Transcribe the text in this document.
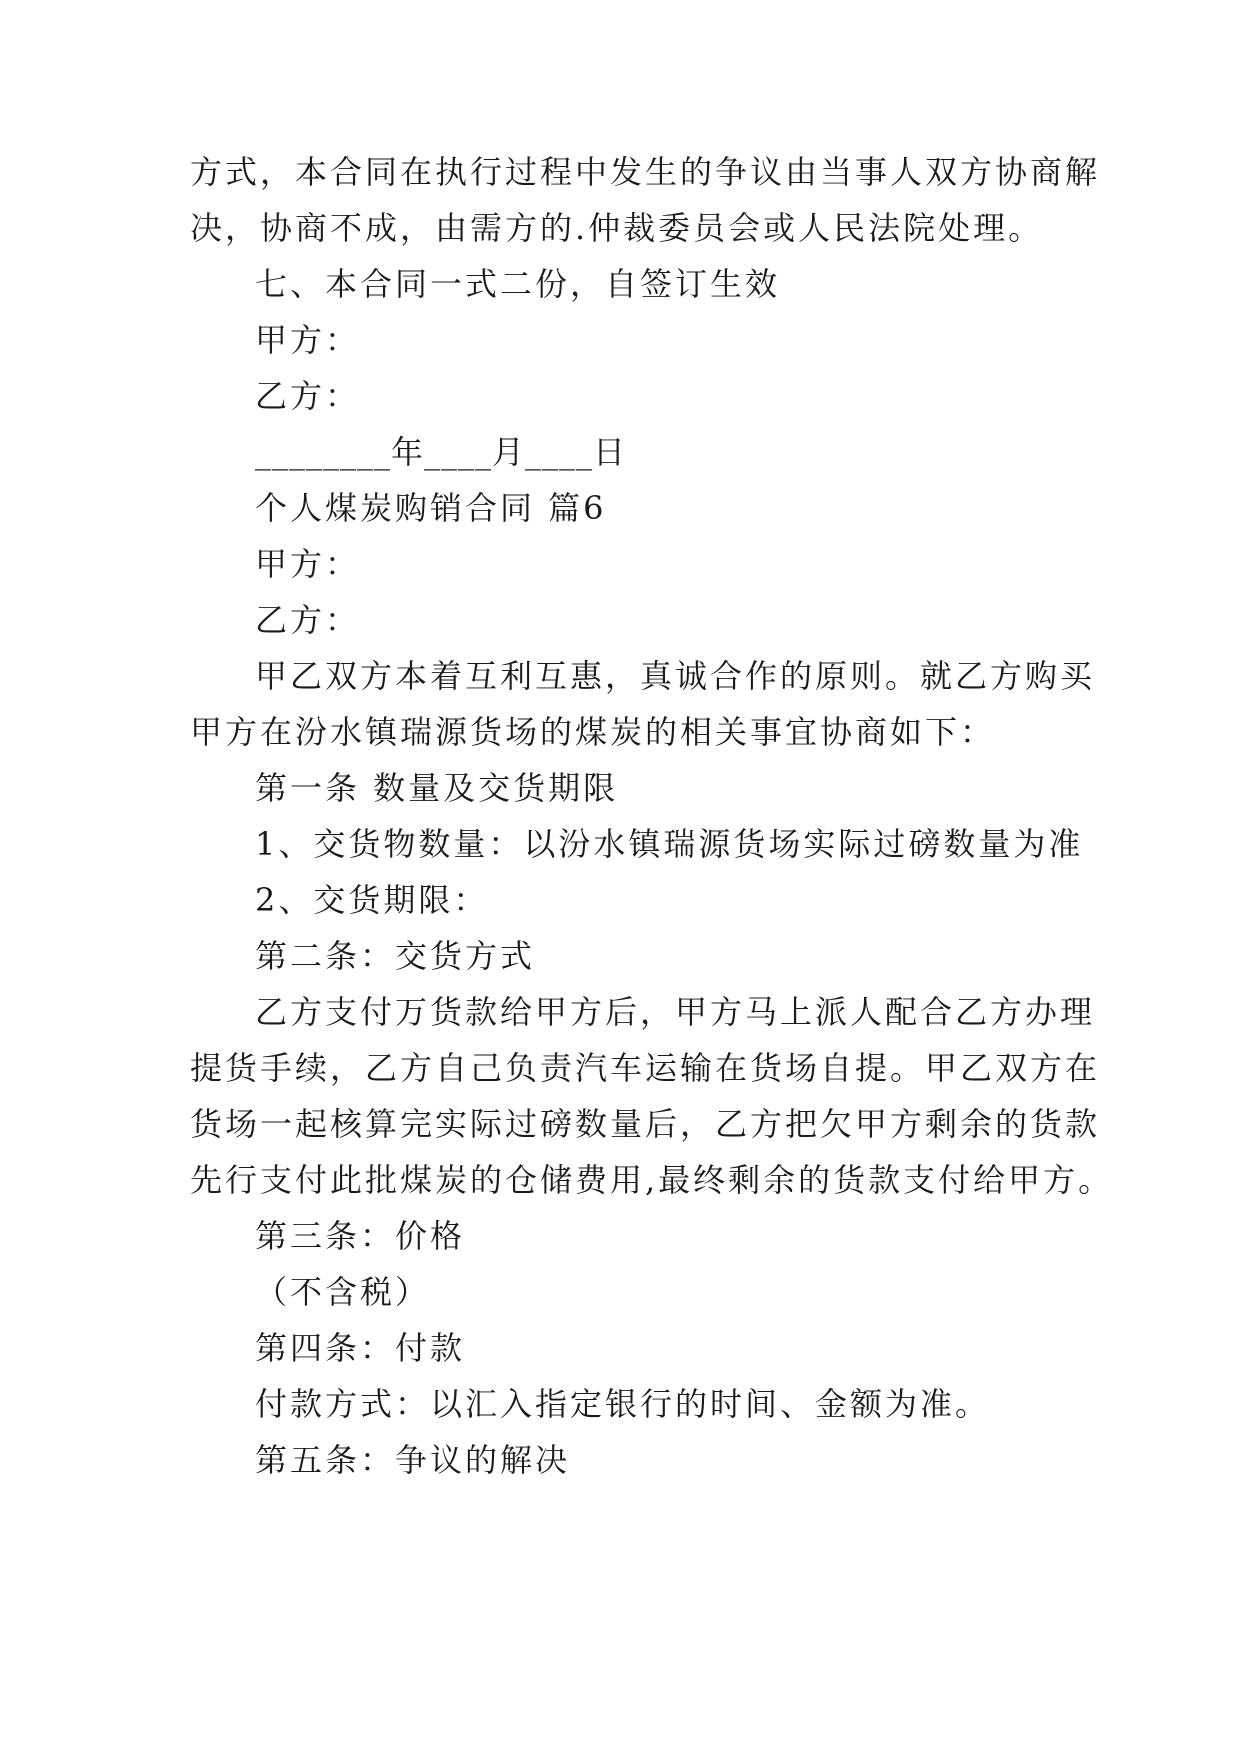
方式，本合同在执行过程中发生的争议由当事人双方协商解

决，协商不成，由需方的.仲裁委员会或人民法院处理。

七、本合同一式二份，自签订生效

甲方：

乙方：

________年____月____日

个人煤炭购销合同 篇6

甲方：

乙方：

甲乙双方本着互利互惠，真诚合作的原则。就乙方购买

甲方在汾水镇瑞源货场的煤炭的相关事宜协商如下：

第一条 数量及交货期限

1、交货物数量：以汾水镇瑞源货场实际过磅数量为准

2、交货期限：

第二条：交货方式

乙方支付万货款给甲方后，甲方马上派人配合乙方办理

提货手续，乙方自己负责汽车运输在货场自提。甲乙双方在

货场一起核算完实际过磅数量后，乙方把欠甲方剩余的货款

先行支付此批煤炭的仓储费用,最终剩余的货款支付给甲方。

第三条：价格

（不含税）

第四条：付款

付款方式：以汇入指定银行的时间、金额为准。

第五条：争议的解决
